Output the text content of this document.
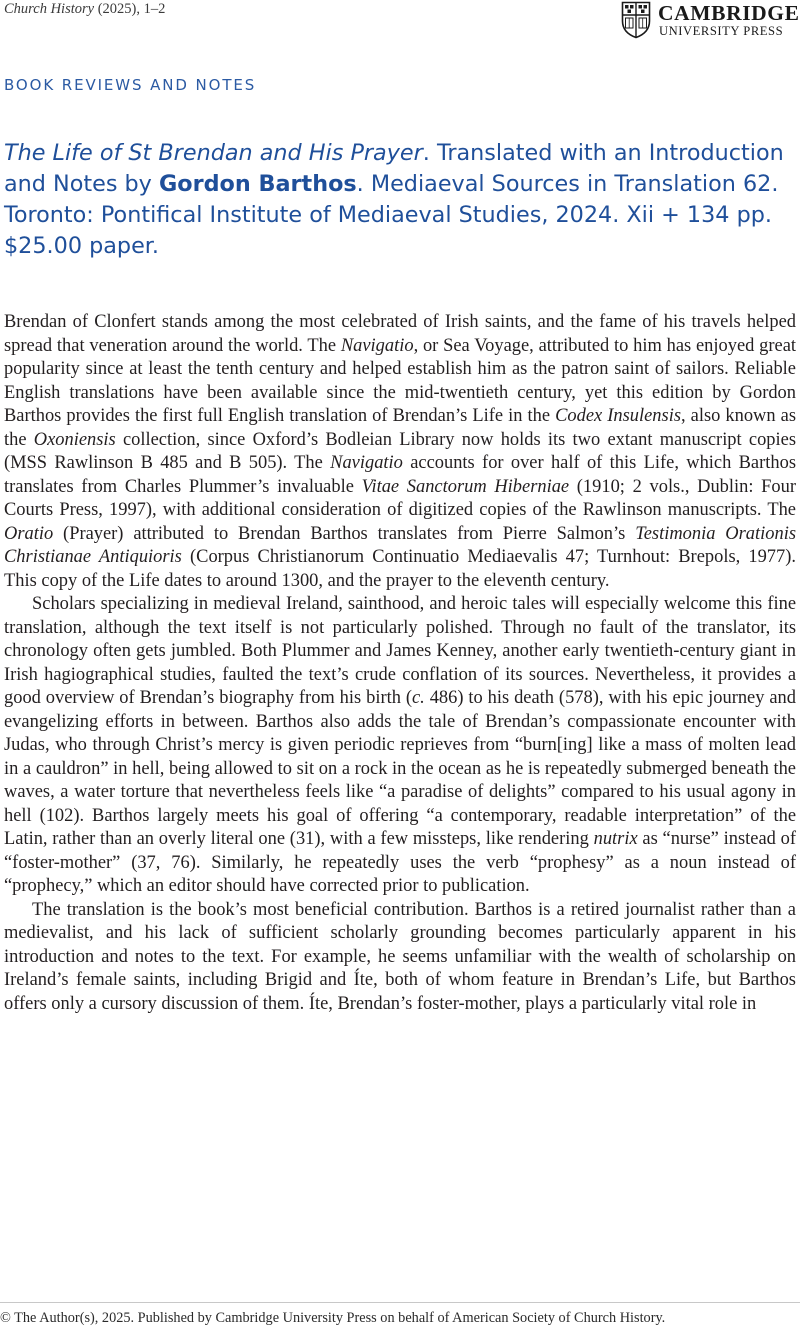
Church History (2025), 1–2	CAMBRIDGE
UNIVERSITY PRESS
BOOK REVIEWS AND NOTES
The Life of St Brendan and His Prayer. Translated with an Introduction and Notes by Gordon Barthos. Mediaeval Sources in Translation 62. Toronto: Pontifical Institute of Mediaeval Studies, 2024. Xii + 134 pp. $25.00 paper.

Brendan of Clonfert stands among the most celebrated of Irish saints, and the fame of his travels helped spread that veneration around the world. The Navigatio, or Sea Voyage, attributed to him has enjoyed great popularity since at least the tenth century and helped establish him as the patron saint of sailors. Reliable English translations have been available since the mid-twentieth century, yet this edition by Gordon Barthos provides the first full English translation of Brendan’s Life in the Codex Insulensis, also known as the Oxoniensis collection, since Oxford’s Bodleian Library now holds its two extant manuscript copies (MSS Rawlinson B 485 and B 505). The Navigatio accounts for over half of this Life, which Barthos translates from Charles Plummer’s invaluable Vitae Sanctorum Hiberniae (1910; 2 vols., Dublin: Four Courts Press, 1997), with additional consideration of digitized copies of the Rawlinson manuscripts. The Oratio (Prayer) attributed to Brendan Barthos translates from Pierre Salmon’s Testimonia Orationis Christianae Antiquioris (Corpus Christianorum Continuatio Mediaevalis 47; Turnhout: Brepols, 1977). This copy of the Life dates to around 1300, and the prayer to the eleventh century.

Scholars specializing in medieval Ireland, sainthood, and heroic tales will especially welcome this fine translation, although the text itself is not particularly polished. Through no fault of the translator, its chronology often gets jumbled. Both Plummer and James Kenney, another early twentieth-century giant in Irish hagiographical studies, faulted the text’s crude conflation of its sources. Nevertheless, it provides a good overview of Brendan’s biography from his birth (c. 486) to his death (578), with his epic journey and evangelizing efforts in between. Barthos also adds the tale of Brendan’s compassionate encounter with Judas, who through Christ’s mercy is given periodic reprieves from “burn[ing] like a mass of molten lead in a cauldron” in hell, being allowed to sit on a rock in the ocean as he is repeatedly submerged beneath the waves, a water torture that nevertheless feels like “a paradise of delights” compared to his usual agony in hell (102). Barthos largely meets his goal of offering “a contemporary, readable interpretation” of the Latin, rather than an overly literal one (31), with a few missteps, like rendering nutrix as “nurse” instead of “foster-mother” (37, 76). Similarly, he repeatedly uses the verb “prophesy” as a noun instead of “prophecy,” which an editor should have corrected prior to publication.

The translation is the book’s most beneficial contribution. Barthos is a retired journalist rather than a medievalist, and his lack of sufficient scholarly grounding becomes particularly apparent in his introduction and notes to the text. For example, he seems unfamiliar with the wealth of scholarship on Ireland’s female saints, including Brigid and Íte, both of whom feature in Brendan’s Life, but Barthos offers only a cursory discussion of them. Íte, Brendan’s foster-mother, plays a particularly vital role in

© The Author(s), 2025. Published by Cambridge University Press on behalf of American Society of Church History.
